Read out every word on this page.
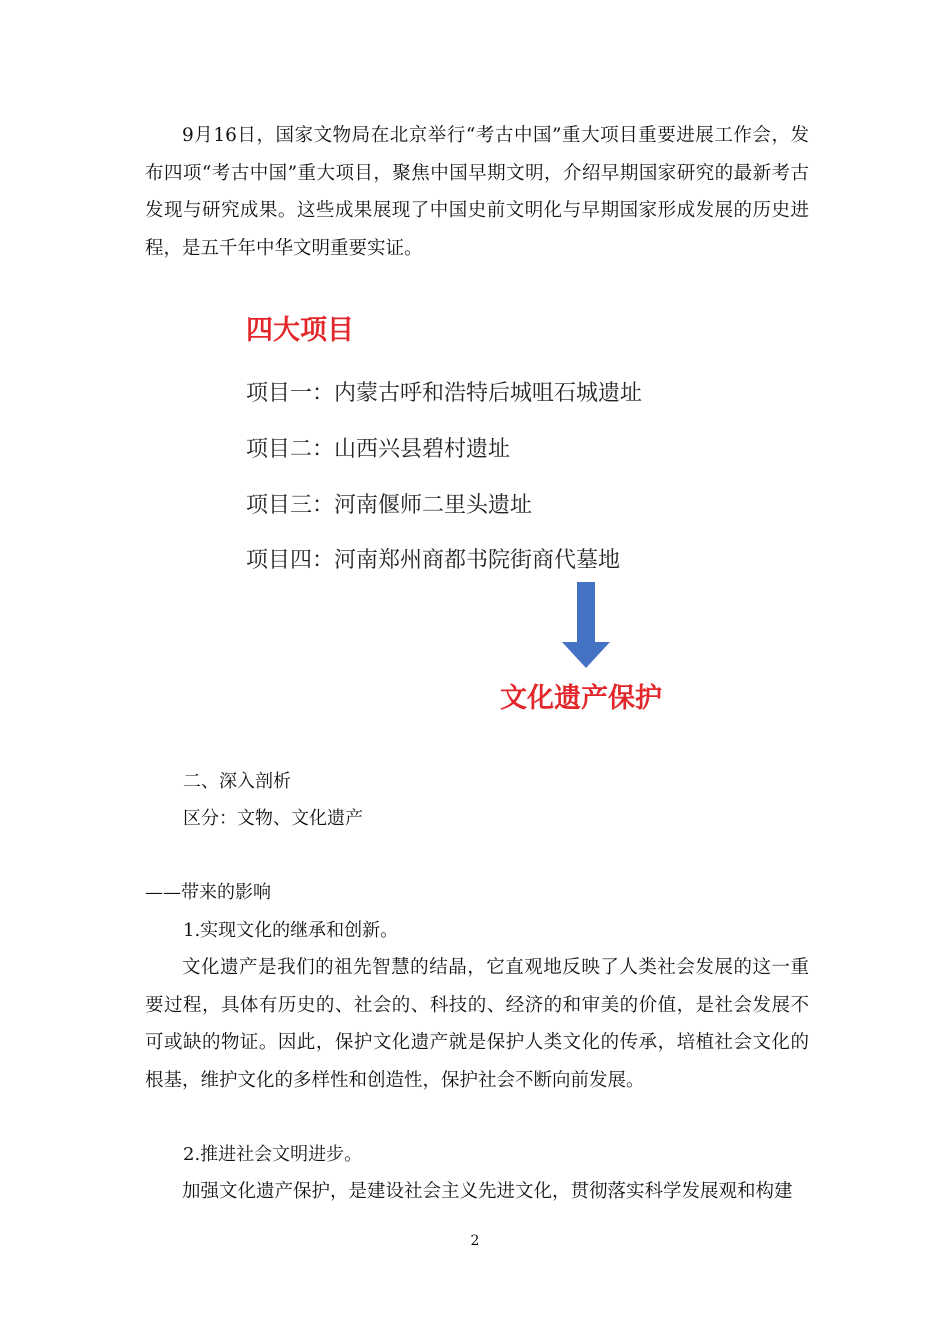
9月16日，国家文物局在北京举行“考古中国”重大项目重要进展工作会，发布四项“考古中国”重大项目，聚焦中国早期文明，介绍早期国家研究的最新考古发现与研究成果。这些成果展现了中国史前文明化与早期国家形成发展的历史进程，是五千年中华文明重要实证。

四大项目
项目一：内蒙古呼和浩特后城咀石城遗址
项目二：山西兴县碧村遗址
项目三：河南偃师二里头遗址
项目四：河南郑州商都书院街商代墓地
文化遗产保护

二、深入剖析

区分：文物、文化遗产

——带来的影响

1.实现文化的继承和创新。

文化遗产是我们的祖先智慧的结晶，它直观地反映了人类社会发展的这一重要过程，具体有历史的、社会的、科技的、经济的和审美的价值，是社会发展不可或缺的物证。因此，保护文化遗产就是保护人类文化的传承，培植社会文化的根基，维护文化的多样性和创造性，保护社会不断向前发展。

2.推进社会文明进步。

加强文化遗产保护，是建设社会主义先进文化，贯彻落实科学发展观和构建

2
